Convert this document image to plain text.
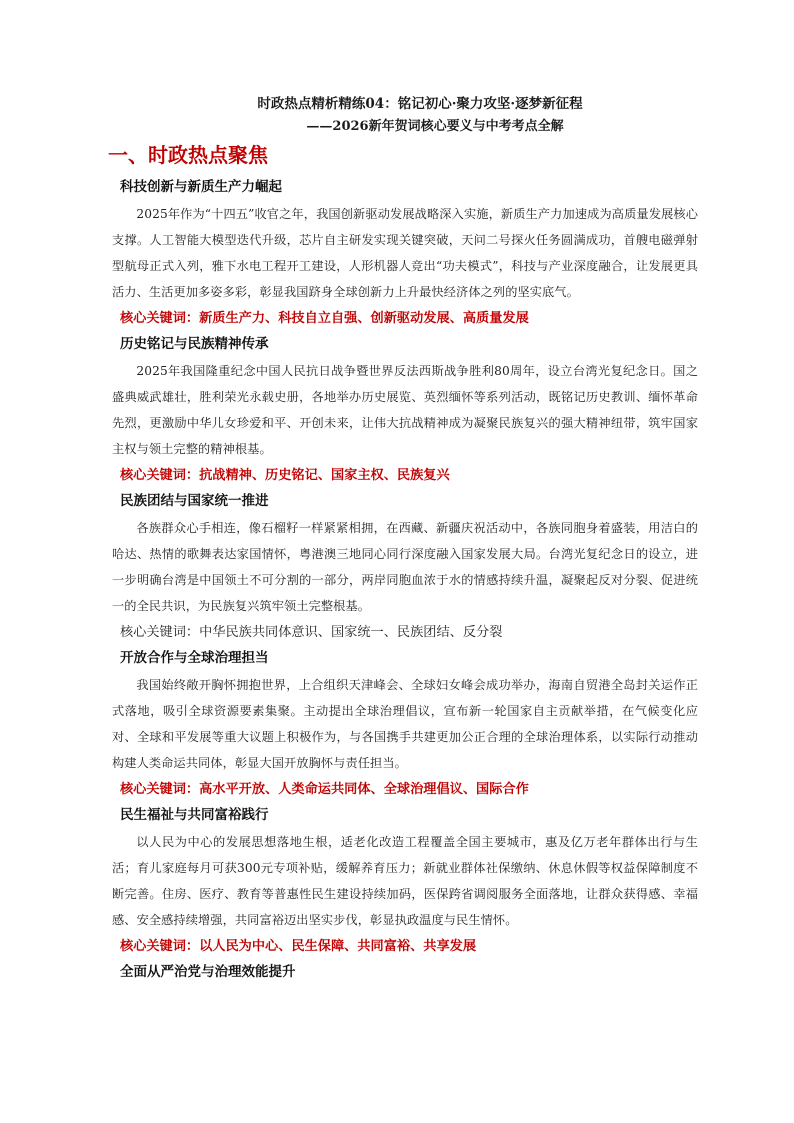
时政热点精析精练04：铭记初心·聚力攻坚·逐梦新征程
——2026新年贺词核心要义与中考考点全解
一、时政热点聚焦
科技创新与新质生产力崛起

2025年作为“十四五”收官之年，我国创新驱动发展战略深入实施，新质生产力加速成为高质量发展核心支撑。人工智能大模型迭代升级，芯片自主研发实现关键突破，天问二号探火任务圆满成功，首艘电磁弹射型航母正式入列，雅下水电工程开工建设，人形机器人竞出“功夫模式”，科技与产业深度融合，让发展更具活力、生活更加多姿多彩，彰显我国跻身全球创新力上升最快经济体之列的坚实底气。

核心关键词：新质生产力、科技自立自强、创新驱动发展、高质量发展
历史铭记与民族精神传承

2025年我国隆重纪念中国人民抗日战争暨世界反法西斯战争胜利80周年，设立台湾光复纪念日。国之盛典威武雄壮，胜利荣光永载史册，各地举办历史展览、英烈缅怀等系列活动，既铭记历史教训、缅怀革命先烈，更激励中华儿女珍爱和平、开创未来，让伟大抗战精神成为凝聚民族复兴的强大精神纽带，筑牢国家主权与领土完整的精神根基。

核心关键词：抗战精神、历史铭记、国家主权、民族复兴
民族团结与国家统一推进

各族群众心手相连，像石榴籽一样紧紧相拥，在西藏、新疆庆祝活动中，各族同胞身着盛装，用洁白的哈达、热情的歌舞表达家国情怀，粤港澳三地同心同行深度融入国家发展大局。台湾光复纪念日的设立，进一步明确台湾是中国领土不可分割的一部分，两岸同胞血浓于水的情感持续升温，凝聚起反对分裂、促进统一的全民共识，为民族复兴筑牢领土完整根基。

核心关键词：中华民族共同体意识、国家统一、民族团结、反分裂
开放合作与全球治理担当

我国始终敞开胸怀拥抱世界，上合组织天津峰会、全球妇女峰会成功举办，海南自贸港全岛封关运作正式落地，吸引全球资源要素集聚。主动提出全球治理倡议，宣布新一轮国家自主贡献举措，在气候变化应对、全球和平发展等重大议题上积极作为，与各国携手共建更加公正合理的全球治理体系，以实际行动推动构建人类命运共同体，彰显大国开放胸怀与责任担当。

核心关键词：高水平开放、人类命运共同体、全球治理倡议、国际合作
民生福祉与共同富裕践行

以人民为中心的发展思想落地生根，适老化改造工程覆盖全国主要城市，惠及亿万老年群体出行与生活；育儿家庭每月可获300元专项补贴，缓解养育压力；新就业群体社保缴纳、休息休假等权益保障制度不断完善。住房、医疗、教育等普惠性民生建设持续加码，医保跨省调阅服务全面落地，让群众获得感、幸福感、安全感持续增强，共同富裕迈出坚实步伐，彰显执政温度与民生情怀。

核心关键词：以人民为中心、民生保障、共同富裕、共享发展
全面从严治党与治理效能提升
